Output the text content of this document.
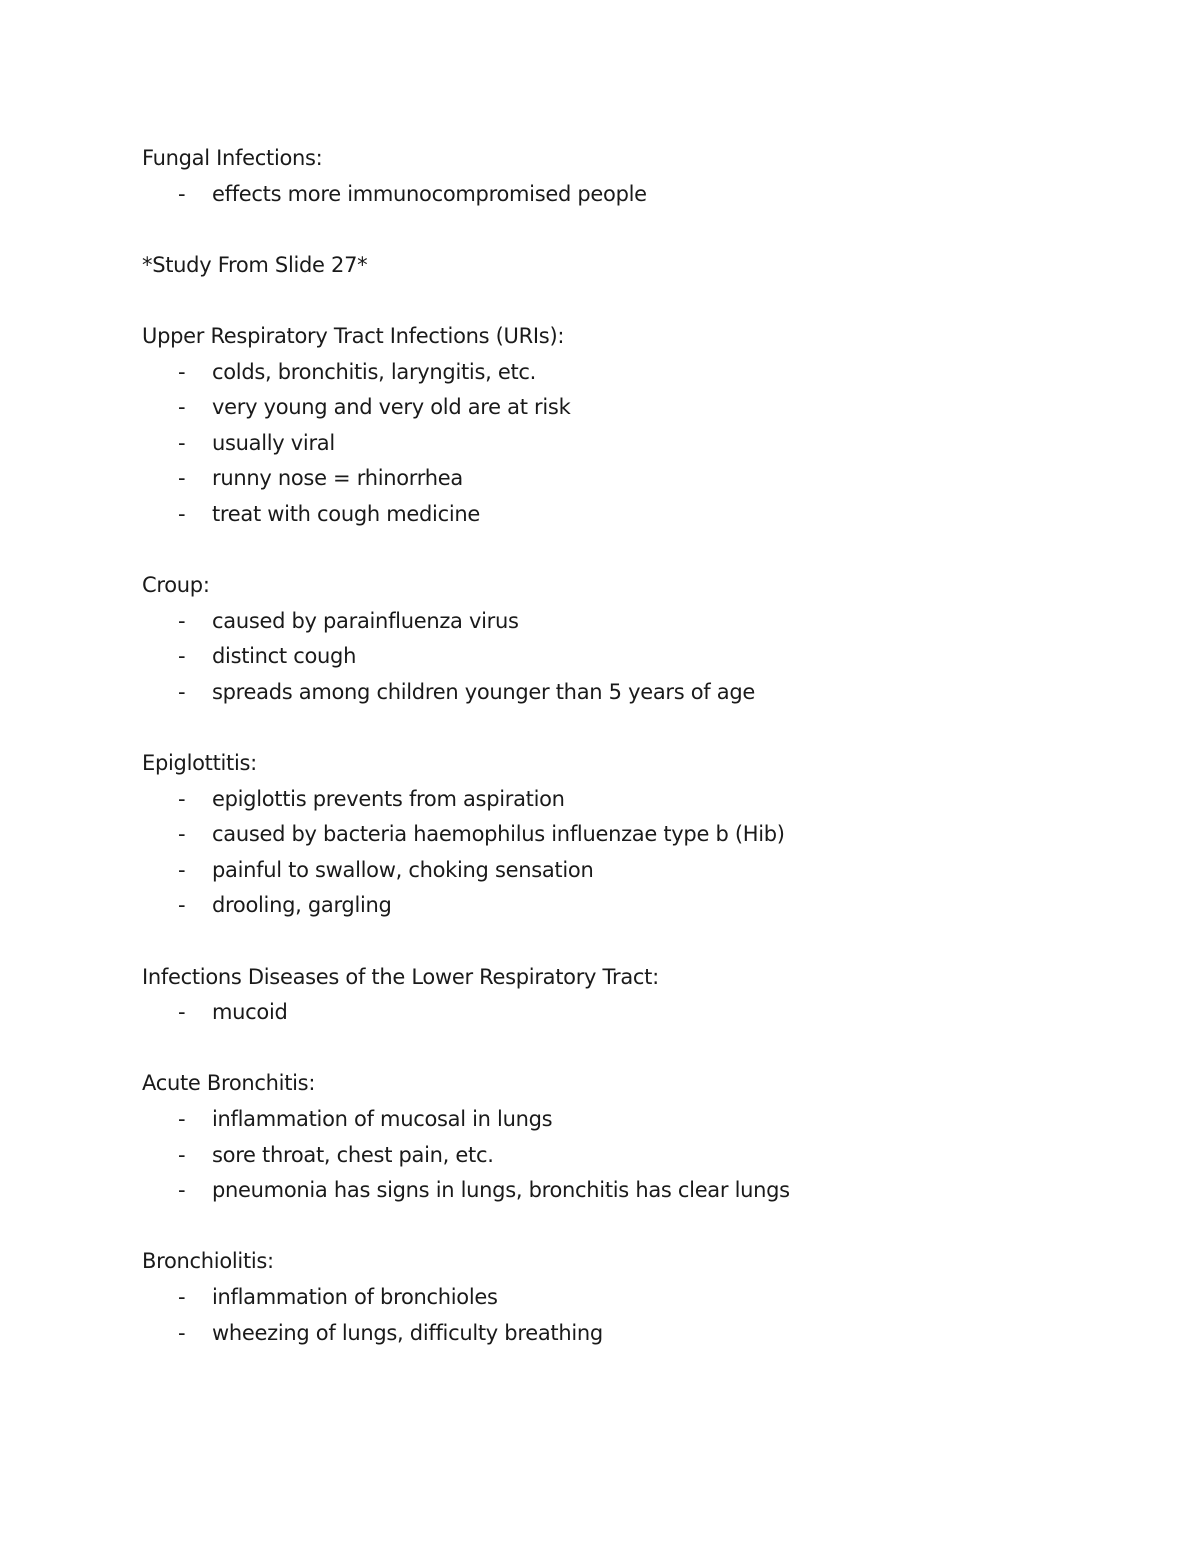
Fungal Infections:
- effects more immunocompromised people
*Study From Slide 27*
Upper Respiratory Tract Infections (URIs):
- colds, bronchitis, laryngitis, etc.
- very young and very old are at risk
- usually viral
- runny nose = rhinorrhea
- treat with cough medicine
Croup:
- caused by parainfluenza virus
- distinct cough
- spreads among children younger than 5 years of age
Epiglottitis:
- epiglottis prevents from aspiration
- caused by bacteria haemophilus influenzae type b (Hib)
- painful to swallow, choking sensation
- drooling, gargling
Infections Diseases of the Lower Respiratory Tract:
- mucoid
Acute Bronchitis:
- inflammation of mucosal in lungs
- sore throat, chest pain, etc.
- pneumonia has signs in lungs, bronchitis has clear lungs
Bronchiolitis:
- inflammation of bronchioles
- wheezing of lungs, difficulty breathing
